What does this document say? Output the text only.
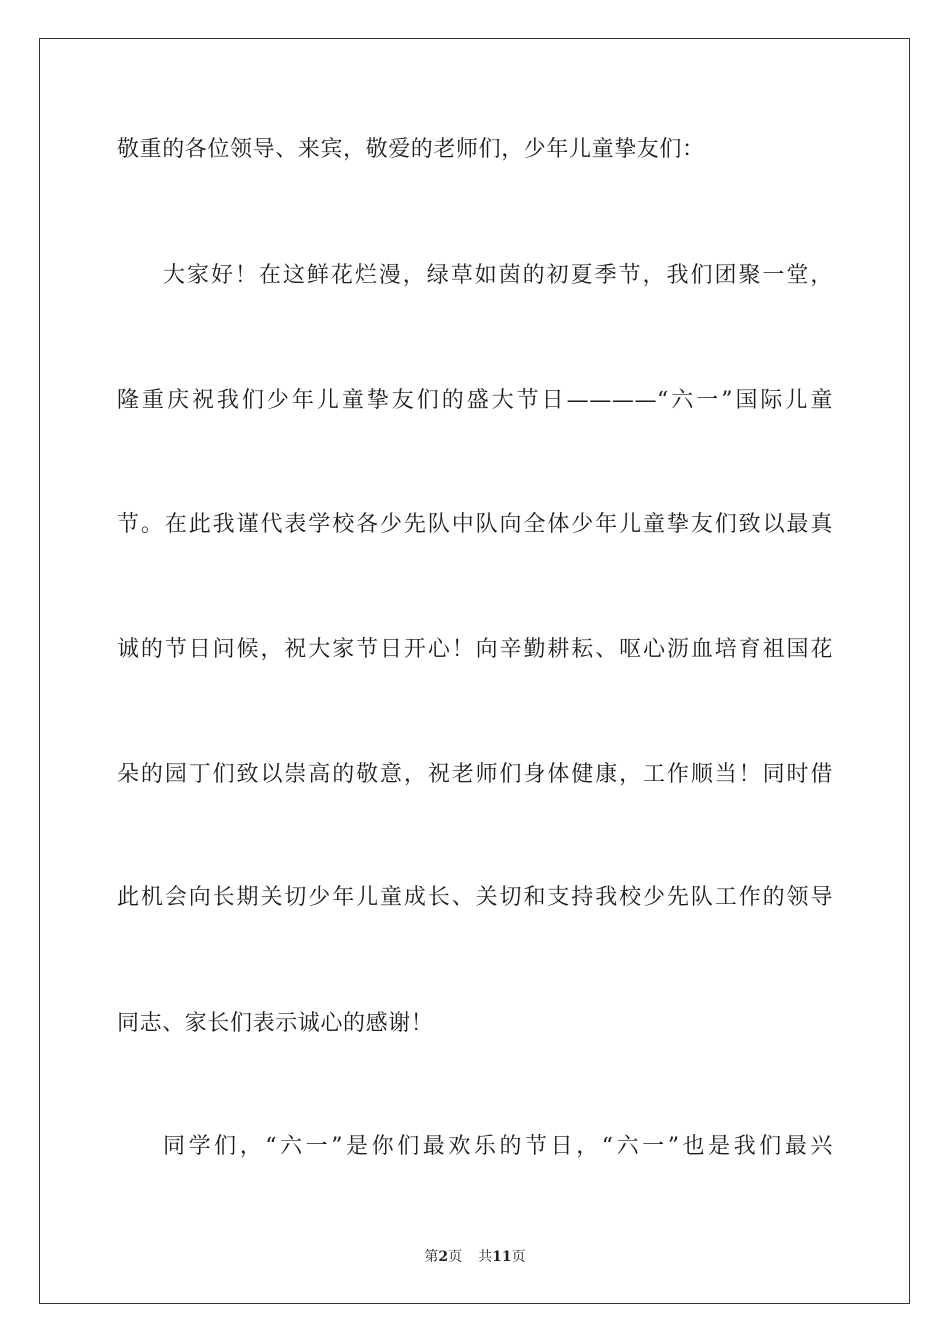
敬重的各位领导、来宾，敬爱的老师们，少年儿童挚友们：
大家好！在这鲜花烂漫，绿草如茵的初夏季节，我们团聚一堂，
隆重庆祝我们少年儿童挚友们的盛大节日————“六一”国际儿童
节。在此我谨代表学校各少先队中队向全体少年儿童挚友们致以最真
诚的节日问候，祝大家节日开心！向辛勤耕耘、呕心沥血培育祖国花
朵的园丁们致以崇高的敬意，祝老师们身体健康，工作顺当！同时借
此机会向长期关切少年儿童成长、关切和支持我校少先队工作的领导
同志、家长们表示诚心的感谢！
同学们，“六一”是你们最欢乐的节日，“六一”也是我们最兴
第2页 共11页
